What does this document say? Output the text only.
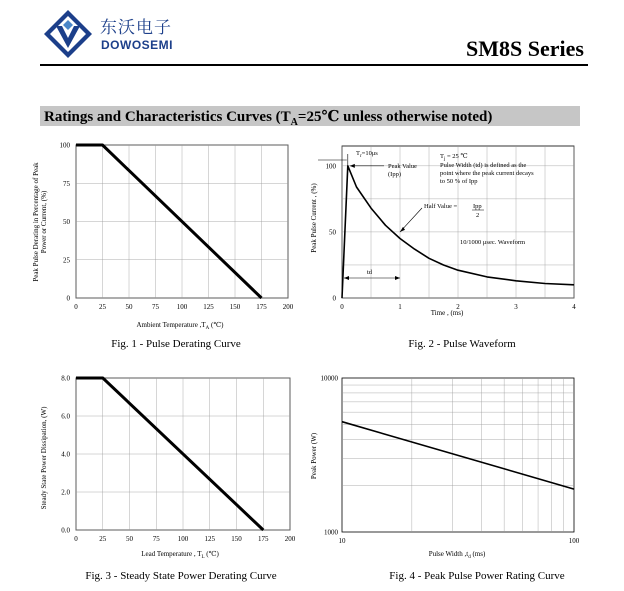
东沃电子
DOWOSEMI	SM8S Series
Ratings and Characteristics Curves ($T_A=25℃$ unless otherwise noted)
Peak Pulse Derating in Percentage of Peak Power or Current, (%)
0	25	50	75	100 125 150 175 200
0
25
50
75
100
Ambient Temperature $,T_A$ (℃)
Fig. 1 - Pulse Derating Curve
Peak Pulse Current , (%)
0	1	2	3	4
0
50
100
$T_r=10\mu s$	$T_j = 25$ ℃
Pulse Width (td) is defined as the
point where the peak current decays
to 50 % of Ipp
Peak Value
(Ipp)
Half Value = Ipp
2
10/1000 μsec. Waveform
td
Time , (ms)
Fig. 2 - Pulse Waveform
Steady State Power Dissipation, (W)
0	25	50	75	100 125 150 175 200
0.0
2.0
4.0
6.0
8.0
Lead Temperature , $T_L$ (℃)
Fig. 3 - Steady State Power Derating Curve
Peak Power (W)
10	100
1000
10000
Pulse Width $,t_d$ (ms)
Fig. 4 - Peak Pulse Power Rating Curve
